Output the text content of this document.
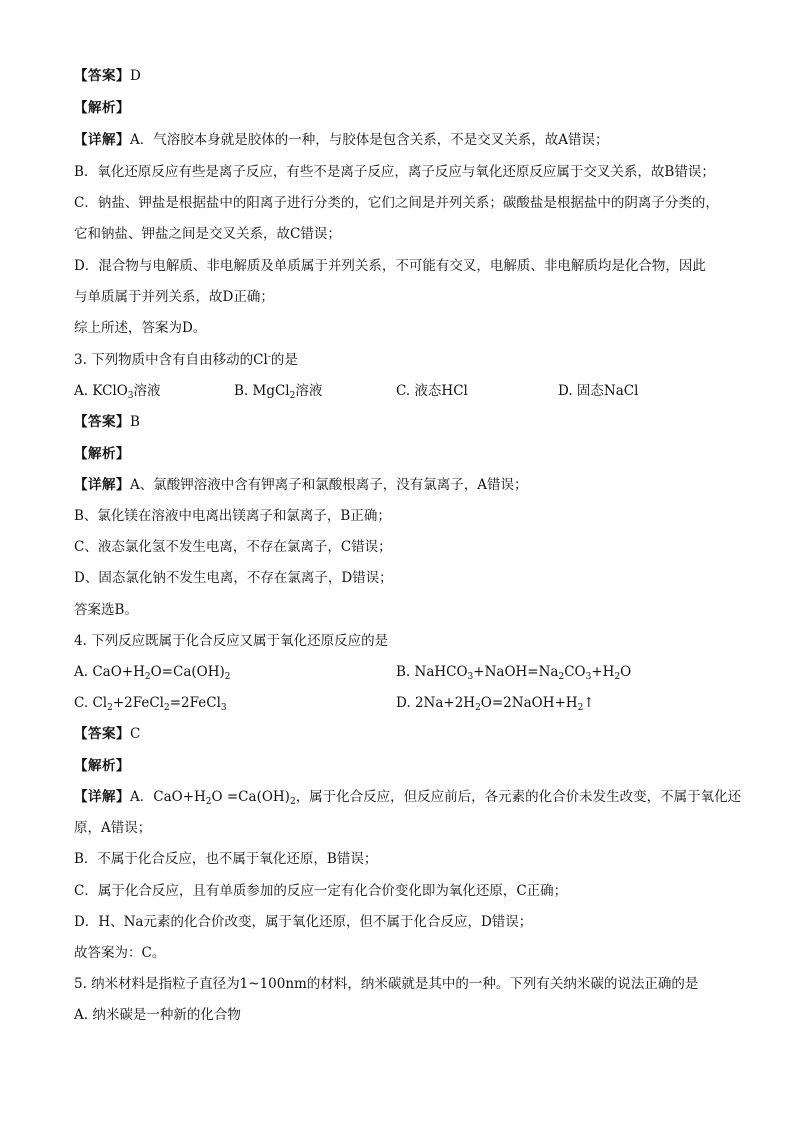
【答案】D
【解析】
【详解】A．气溶胶本身就是胶体的一种，与胶体是包含关系，不是交叉关系，故A错误；
B．氧化还原反应有些是离子反应，有些不是离子反应，离子反应与氧化还原反应属于交叉关系，故B错误；
C．钠盐、钾盐是根据盐中的阳离子进行分类的，它们之间是并列关系；碳酸盐是根据盐中的阴离子分类的，
它和钠盐、钾盐之间是交叉关系，故C错误；
D．混合物与电解质、非电解质及单质属于并列关系，不可能有交叉，电解质、非电解质均是化合物，因此
与单质属于并列关系，故D正确；
综上所述，答案为D。
3. 下列物质中含有自由移动的Cl-的是
A. KClO$_3$溶液	B. MgCl$_2$溶液	C. 液态HCl	D. 固态NaCl
【答案】B
【解析】
【详解】A、氯酸钾溶液中含有钾离子和氯酸根离子，没有氯离子，A错误；
B、氯化镁在溶液中电离出镁离子和氯离子，B正确；
C、液态氯化氢不发生电离，不存在氯离子，C错误；
D、固态氯化钠不发生电离，不存在氯离子，D错误；
答案选B。
4. 下列反应既属于化合反应又属于氧化还原反应的是
A. $CaO+H_2O=Ca(OH)_2$	B. $NaHCO_3+NaOH=Na_2CO_3+H_2O$
C. $Cl_2+2FeCl_2=2FeCl_3$	D. $2Na+2H_2O=2NaOH+H_2↑$
【答案】C
【解析】
【详解】A．$CaO+H_2O =Ca(OH)_2$，属于化合反应，但反应前后，各元素的化合价未发生改变，不属于氧化还
原，A错误；
B．不属于化合反应，也不属于氧化还原，B错误；
C．属于化合反应，且有单质参加的反应一定有化合价变化即为氧化还原，C正确；
D．H、Na元素的化合价改变，属于氧化还原，但不属于化合反应，D错误；
故答案为：C。
5. 纳米材料是指粒子直径为1~100nm的材料，纳米碳就是其中的一种。下列有关纳米碳的说法正确的是
A. 纳米碳是一种新的化合物
